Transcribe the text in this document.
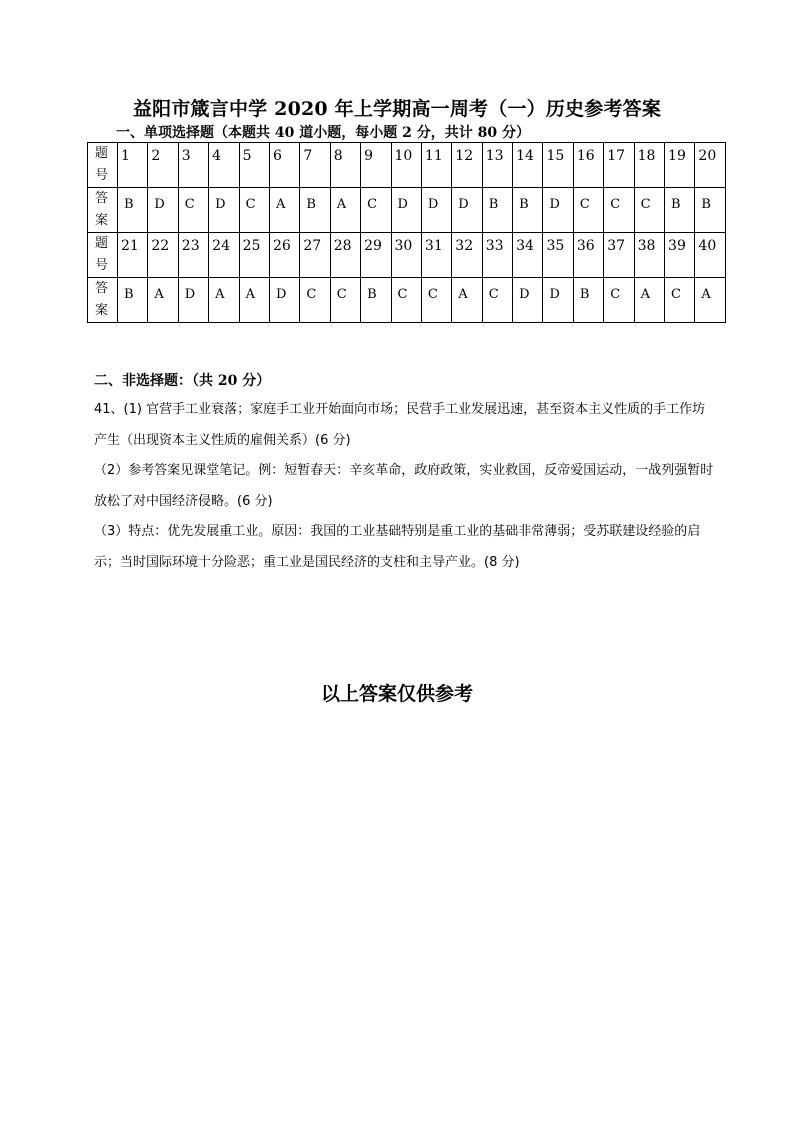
益阳市箴言中学 2020 年上学期高一周考（一）历史参考答案
一、单项选择题（本题共 40 道小题，每小题 2 分，共计 80 分）
题
号	1	2	3	4	5	6	7	8	9	10	11	12	13	14	15	16	17	18	19	20

答
案	B	D	C	D	C	A	B	A	C	D	D	D	B	B	D	C	C	C	B	B

题
号	21	22	23	24	25	26	27	28	29	30	31	32	33	34	35	36	37	38	39	40

答
案	B	A	D	A	A	D	C	C	B	C	C	A	C	D	D	B	C	A	C	A
二、非选择题：（共 20 分）
41、(1) 官营手工业衰落；家庭手工业开始面向市场；民营手工业发展迅速，甚至资本主义性质的手工作坊产生（出现资本主义性质的雇佣关系）(6 分)
（2）参考答案见课堂笔记。例：短暂春天：辛亥革命，政府政策，实业救国，反帝爱国运动，一战列强暂时放松了对中国经济侵略。(6 分)
（3）特点：优先发展重工业。原因：我国的工业基础特别是重工业的基础非常薄弱；受苏联建设经验的启示；当时国际环境十分险恶；重工业是国民经济的支柱和主导产业。(8 分)
以上答案仅供参考
